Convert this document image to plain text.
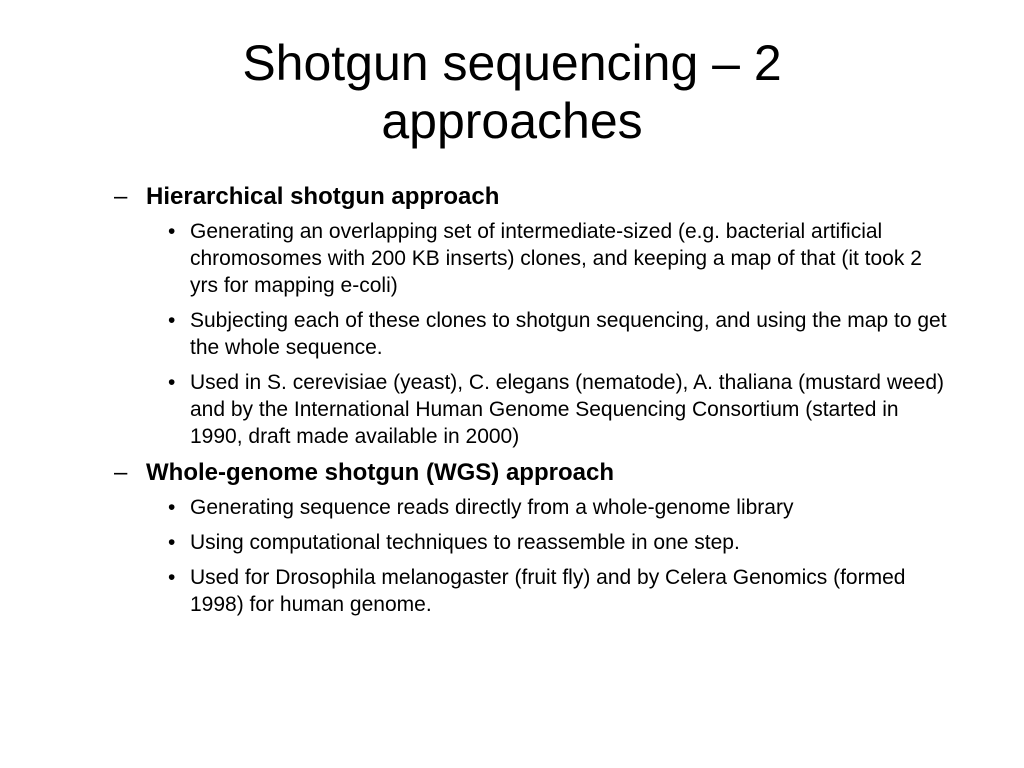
Shotgun sequencing – 2 approaches
– Hierarchical shotgun approach
• Generating an overlapping set of intermediate-sized (e.g. bacterial artificial chromosomes with 200 KB inserts) clones, and keeping a map of that (it took 2 yrs for mapping e-coli)
• Subjecting each of these clones to shotgun sequencing, and using the map to get the whole sequence.
• Used in S. cerevisiae (yeast), C. elegans (nematode), A. thaliana (mustard weed) and by the International Human Genome Sequencing Consortium (started in 1990, draft made available in 2000)
– Whole-genome shotgun (WGS) approach
• Generating sequence reads directly from a whole-genome library
• Using computational techniques to reassemble in one step.
• Used for Drosophila melanogaster (fruit fly) and by Celera Genomics (formed 1998) for human genome.
